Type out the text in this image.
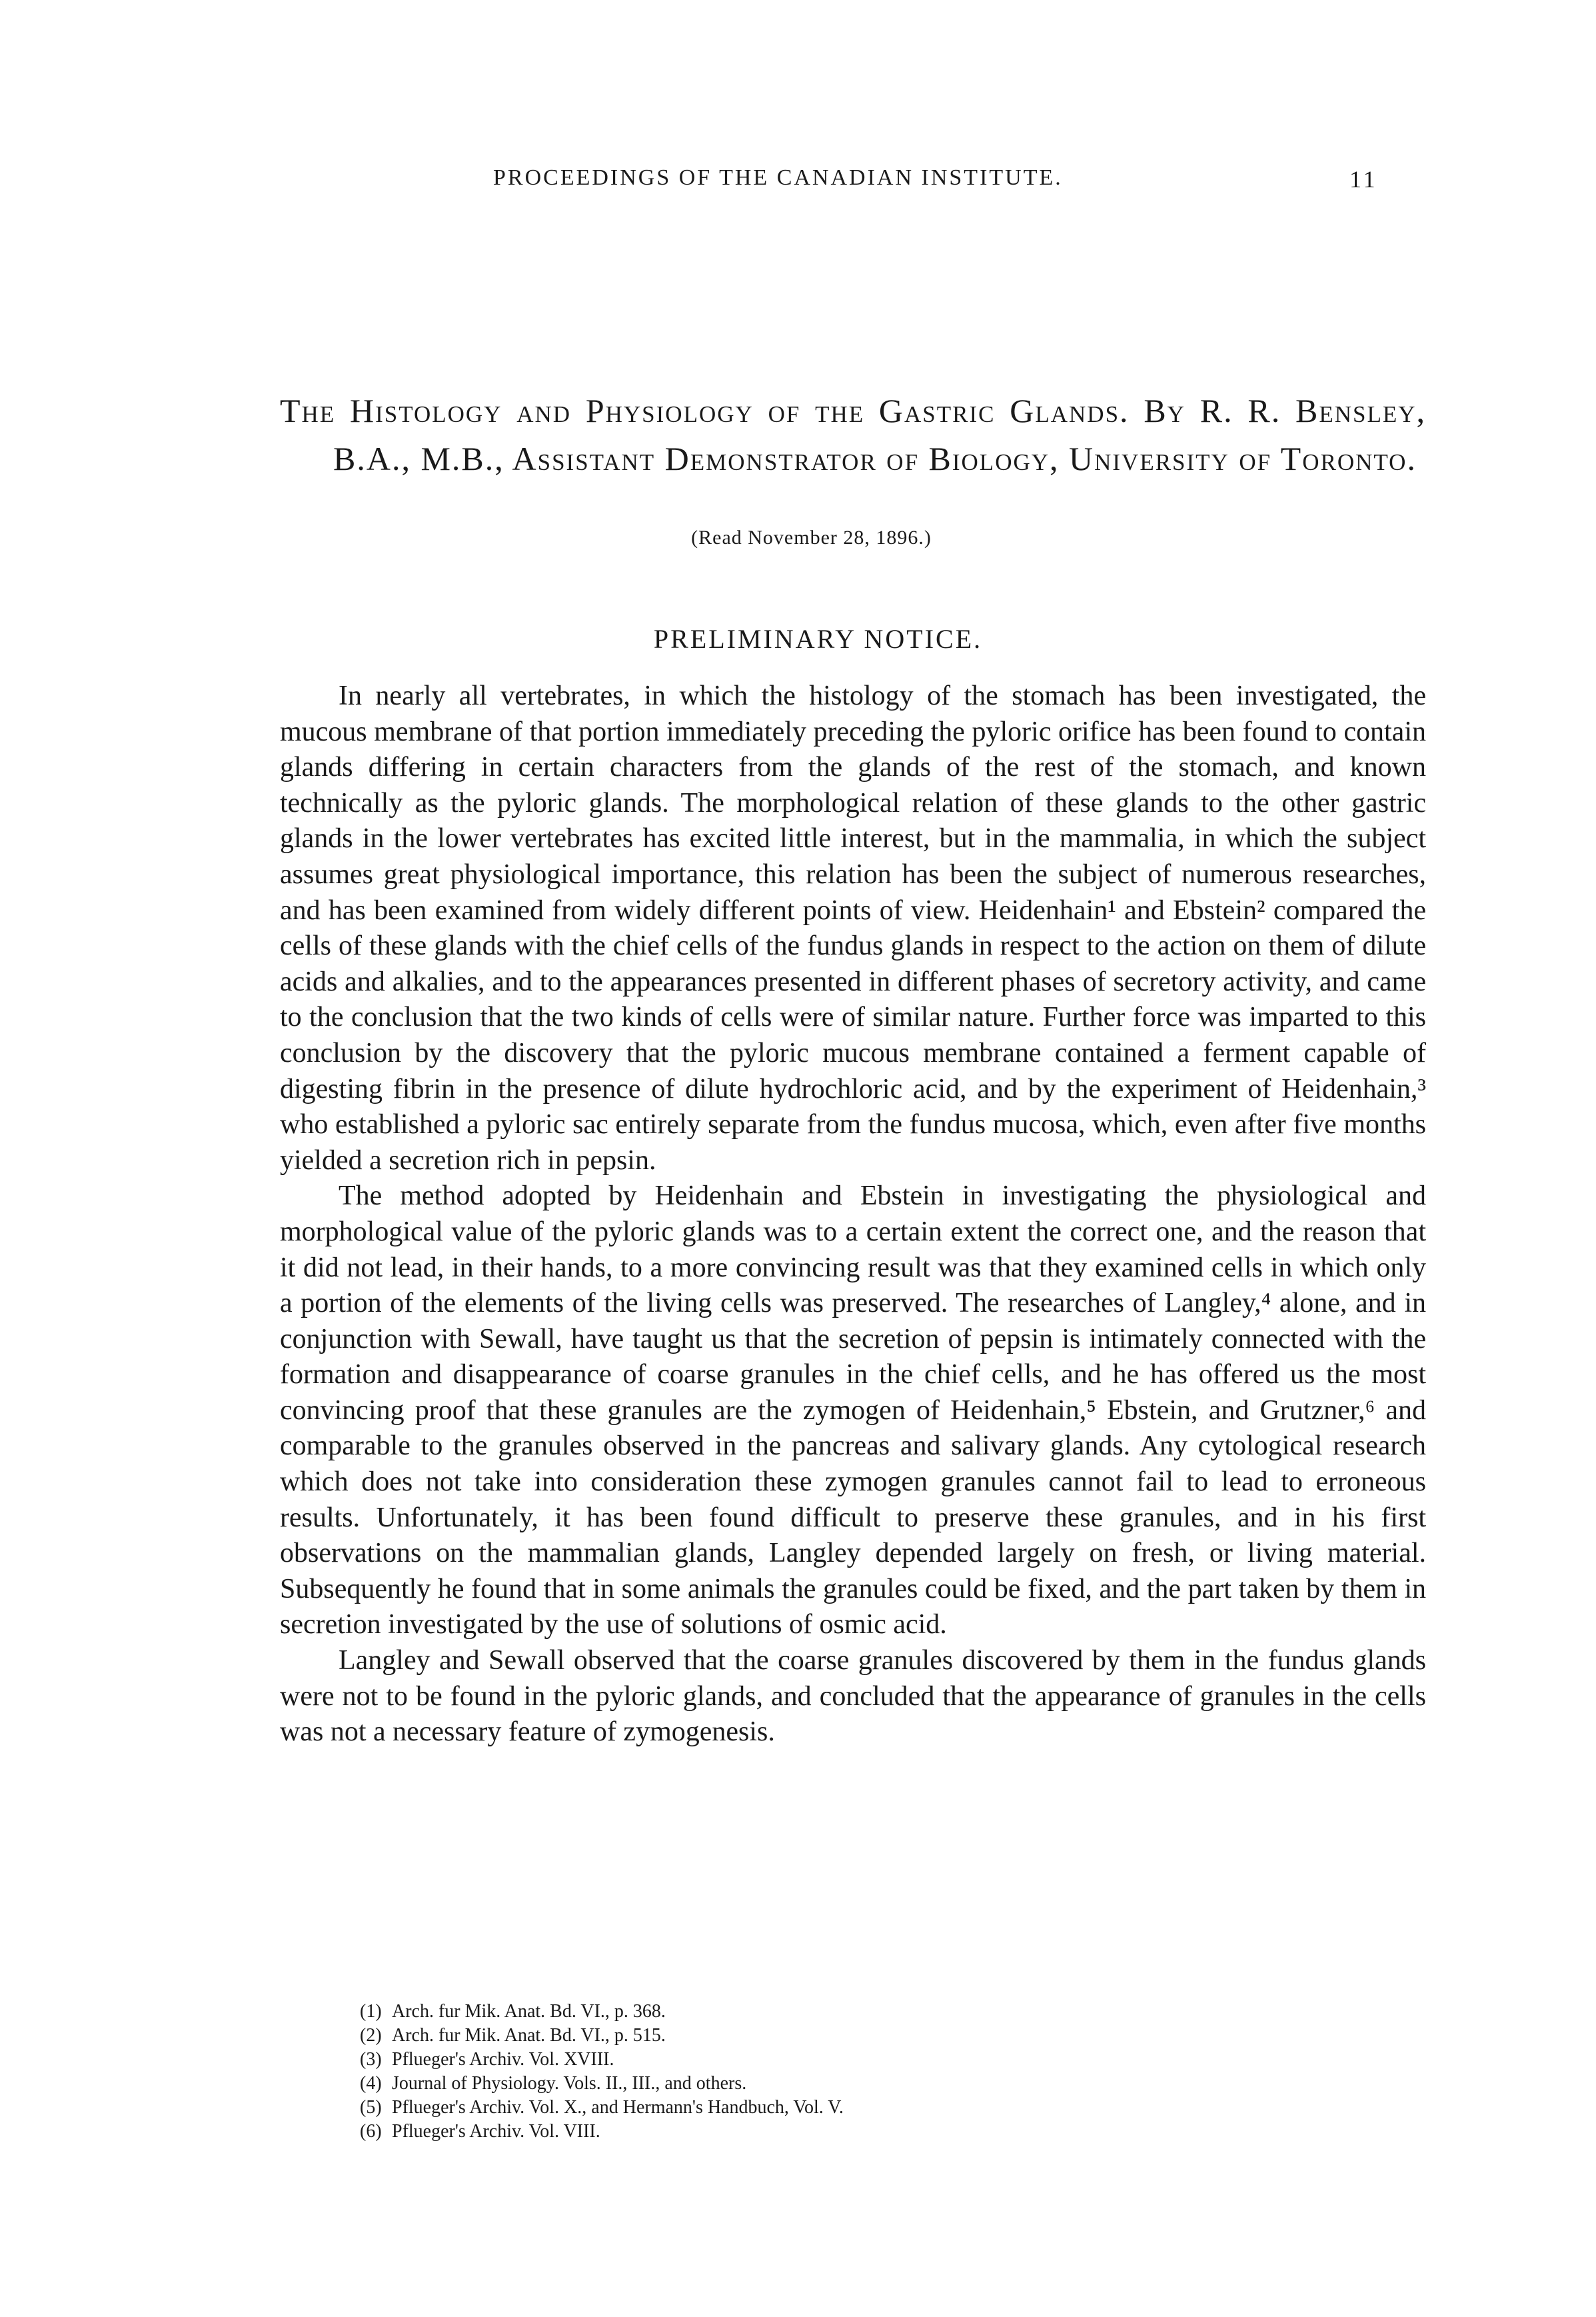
PROCEEDINGS OF THE CANADIAN INSTITUTE.	11
The Histology and Physiology of the Gastric Glands. By R. R. Bensley, B.A., M.B., Assistant Demonstrator of Biology, University of Toronto.
(Read November 28, 1896.)
PRELIMINARY NOTICE.

In nearly all vertebrates, in which the histology of the stomach has been investigated, the mucous membrane of that portion immediately preceding the pyloric orifice has been found to contain glands differing in certain characters from the glands of the rest of the stomach, and known technically as the pyloric glands. The morphological relation of these glands to the other gastric glands in the lower vertebrates has excited little interest, but in the mammalia, in which the subject assumes great physiological importance, this relation has been the subject of numerous researches, and has been examined from widely different points of view. Heidenhain¹ and Ebstein² compared the cells of these glands with the chief cells of the fundus glands in respect to the action on them of dilute acids and alkalies, and to the appearances presented in different phases of secretory activity, and came to the conclusion that the two kinds of cells were of similar nature. Further force was imparted to this conclusion by the discovery that the pyloric mucous membrane contained a ferment capable of digesting fibrin in the presence of dilute hydrochloric acid, and by the experiment of Heidenhain,³ who established a pyloric sac entirely separate from the fundus mucosa, which, even after five months yielded a secretion rich in pepsin.

The method adopted by Heidenhain and Ebstein in investigating the physiological and morphological value of the pyloric glands was to a certain extent the correct one, and the reason that it did not lead, in their hands, to a more convincing result was that they examined cells in which only a portion of the elements of the living cells was preserved. The researches of Langley,⁴ alone, and in conjunction with Sewall, have taught us that the secretion of pepsin is intimately connected with the formation and disappearance of coarse granules in the chief cells, and he has offered us the most convincing proof that these granules are the zymogen of Heidenhain,⁵ Ebstein, and Grutzner,⁶ and comparable to the granules observed in the pancreas and salivary glands. Any cytological research which does not take into consideration these zymogen granules cannot fail to lead to erroneous results. Unfortunately, it has been found difficult to preserve these granules, and in his first observations on the mammalian glands, Langley depended largely on fresh, or living material. Subsequently he found that in some animals the granules could be fixed, and the part taken by them in secretion investigated by the use of solutions of osmic acid.

Langley and Sewall observed that the coarse granules discovered by them in the fundus glands were not to be found in the pyloric glands, and concluded that the appearance of granules in the cells was not a necessary feature of zymogenesis.

(1) Arch. fur Mik. Anat. Bd. VI., p. 368.
(2) Arch. fur Mik. Anat. Bd. VI., p. 515.
(3) Pflueger's Archiv. Vol. XVIII.
(4) Journal of Physiology. Vols. II., III., and others.
(5) Pflueger's Archiv. Vol. X., and Hermann's Handbuch, Vol. V.
(6) Pflueger's Archiv. Vol. VIII.
